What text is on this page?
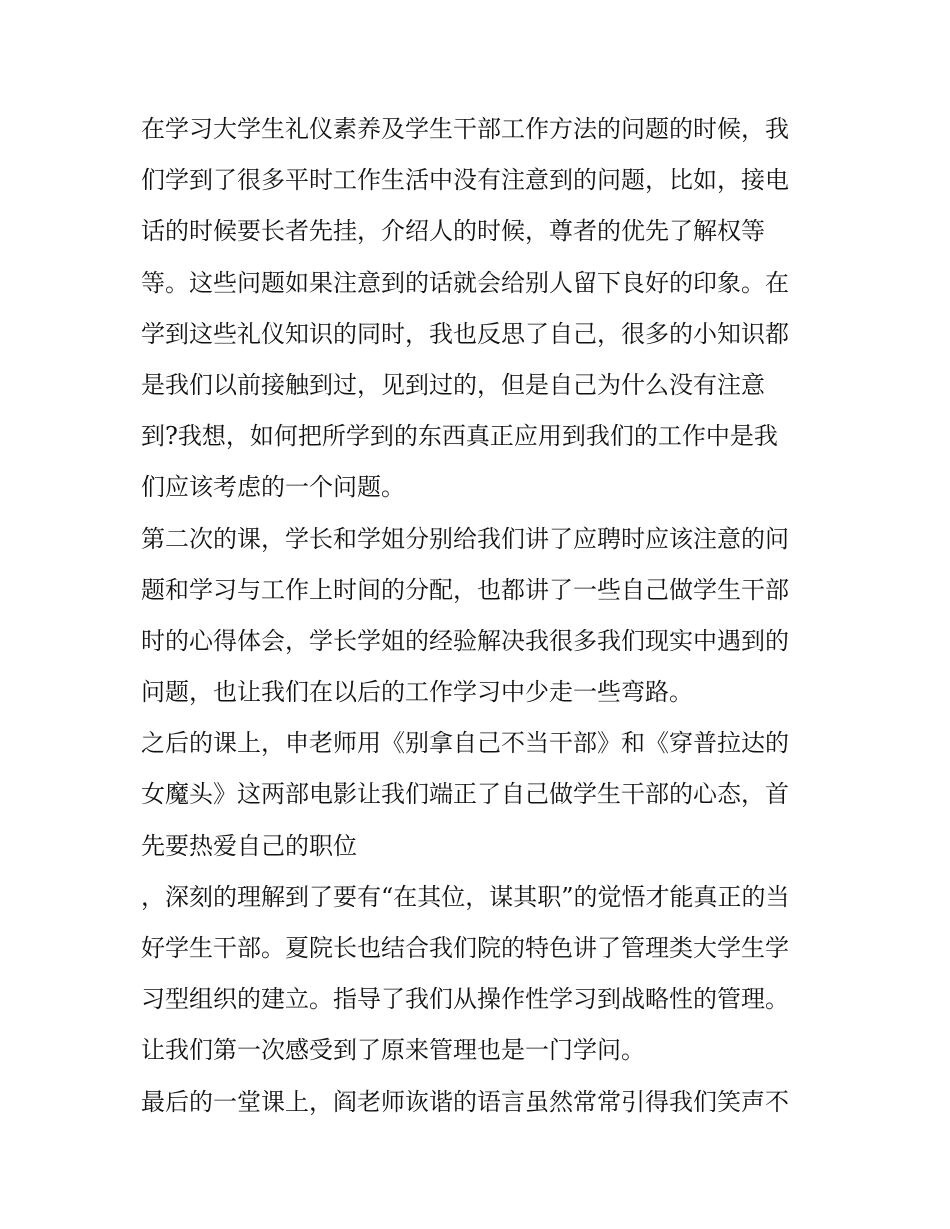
在学习大学生礼仪素养及学生干部工作方法的问题的时候，我
们学到了很多平时工作生活中没有注意到的问题，比如，接电
话的时候要长者先挂，介绍人的时候，尊者的优先了解权等
等。这些问题如果注意到的话就会给别人留下良好的印象。在
学到这些礼仪知识的同时，我也反思了自己，很多的小知识都
是我们以前接触到过，见到过的，但是自己为什么没有注意
到?我想，如何把所学到的东西真正应用到我们的工作中是我
们应该考虑的一个问题。
第二次的课，学长和学姐分别给我们讲了应聘时应该注意的问
题和学习与工作上时间的分配，也都讲了一些自己做学生干部
时的心得体会，学长学姐的经验解决我很多我们现实中遇到的
问题，也让我们在以后的工作学习中少走一些弯路。
之后的课上，申老师用《别拿自己不当干部》和《穿普拉达的
女魔头》这两部电影让我们端正了自己做学生干部的心态，首
先要热爱自己的职位
，深刻的理解到了要有“在其位，谋其职”的觉悟才能真正的当
好学生干部。夏院长也结合我们院的特色讲了管理类大学生学
习型组织的建立。指导了我们从操作性学习到战略性的管理。
让我们第一次感受到了原来管理也是一门学问。
最后的一堂课上，阎老师诙谐的语言虽然常常引得我们笑声不
